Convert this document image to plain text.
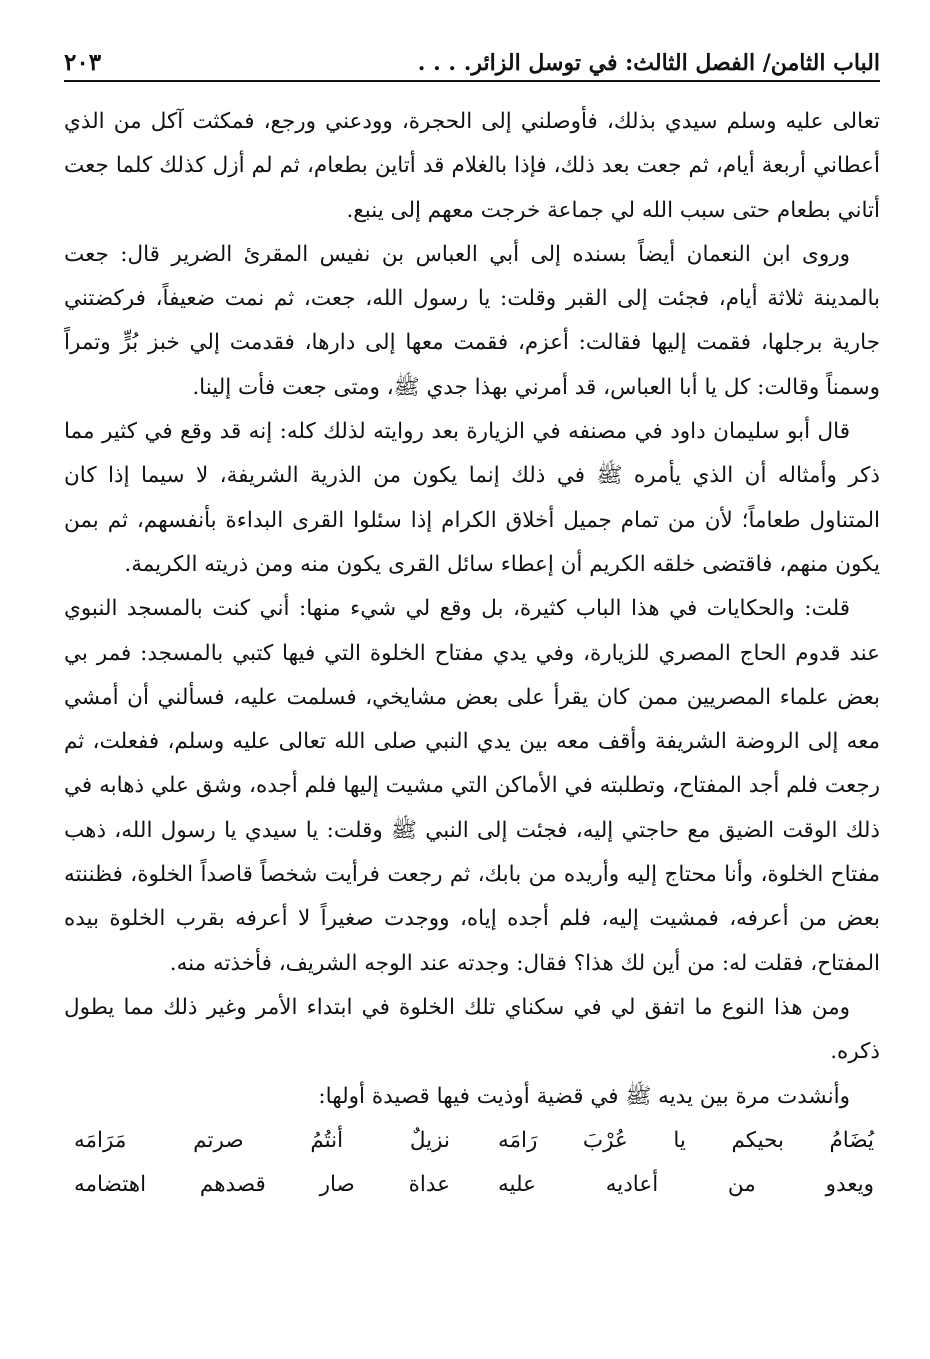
الباب الثامن/ الفصل الثالث: في توسل الزائر. . . .
٢٠٣

تعالى عليه وسلم سيدي بذلك، فأوصلني إلى الحجرة، وودعني ورجع، فمكثت آكل من الذي أعطاني أربعة أيام، ثم جعت بعد ذلك، فإذا بالغلام قد أتاين بطعام، ثم لم أزل كذلك كلما جعت أتاني بطعام حتى سبب الله لي جماعة خرجت معهم إلى ينبع.

وروى ابن النعمان أيضاً بسنده إلى أبي العباس بن نفيس المقرئ الضرير قال: جعت بالمدينة ثلاثة أيام، فجئت إلى القبر وقلت: يا رسول الله، جعت، ثم نمت ضعيفاً، فركضتني جارية برجلها، فقمت إليها فقالت: أعزم، فقمت معها إلى دارها، فقدمت إلي خبز بُرٍّ وتمراً وسمناً وقالت: كل يا أبا العباس، قد أمرني بهذا جدي ﷺ، ومتى جعت فأت إلينا.

قال أبو سليمان داود في مصنفه في الزيارة بعد روايته لذلك كله: إنه قد وقع في كثير مما ذكر وأمثاله أن الذي يأمره ﷺ في ذلك إنما يكون من الذرية الشريفة، لا سيما إذا كان المتناول طعاماً؛ لأن من تمام جميل أخلاق الكرام إذا سئلوا القرى البداءة بأنفسهم، ثم بمن يكون منهم، فاقتضى خلقه الكريم أن إعطاء سائل القرى يكون منه ومن ذريته الكريمة.

قلت: والحكايات في هذا الباب كثيرة، بل وقع لي شيء منها: أني كنت بالمسجد النبوي عند قدوم الحاج المصري للزيارة، وفي يدي مفتاح الخلوة التي فيها كتبي بالمسجد: فمر بي بعض علماء المصريين ممن كان يقرأ على بعض مشايخي، فسلمت عليه، فسألني أن أمشي معه إلى الروضة الشريفة وأقف معه بين يدي النبي صلى الله تعالى عليه وسلم، ففعلت، ثم رجعت فلم أجد المفتاح، وتطلبته في الأماكن التي مشيت إليها فلم أجده، وشق علي ذهابه في ذلك الوقت الضيق مع حاجتي إليه، فجئت إلى النبي ﷺ وقلت: يا سيدي يا رسول الله، ذهب مفتاح الخلوة، وأنا محتاج إليه وأريده من بابك، ثم رجعت فرأيت شخصاً قاصداً الخلوة، فظننته بعض من أعرفه، فمشيت إليه، فلم أجده إياه، ووجدت صغيراً لا أعرفه بقرب الخلوة بيده المفتاح، فقلت له: من أين لك هذا؟ فقال: وجدته عند الوجه الشريف، فأخذته منه.

ومن هذا النوع ما اتفق لي في سكناي تلك الخلوة في ابتداء الأمر وغير ذلك مما يطول ذكره.

وأنشدت مرة بين يديه ﷺ في قضية أوذيت فيها قصيدة أولها:

يُضَامُ بحيكم يا عُرْبَ رَامَه
نزيلٌ أنتُمُ صرتم مَرَامَه
ويعدو من أعاديه عليه
عداة صار قصدهم اهتضامه
